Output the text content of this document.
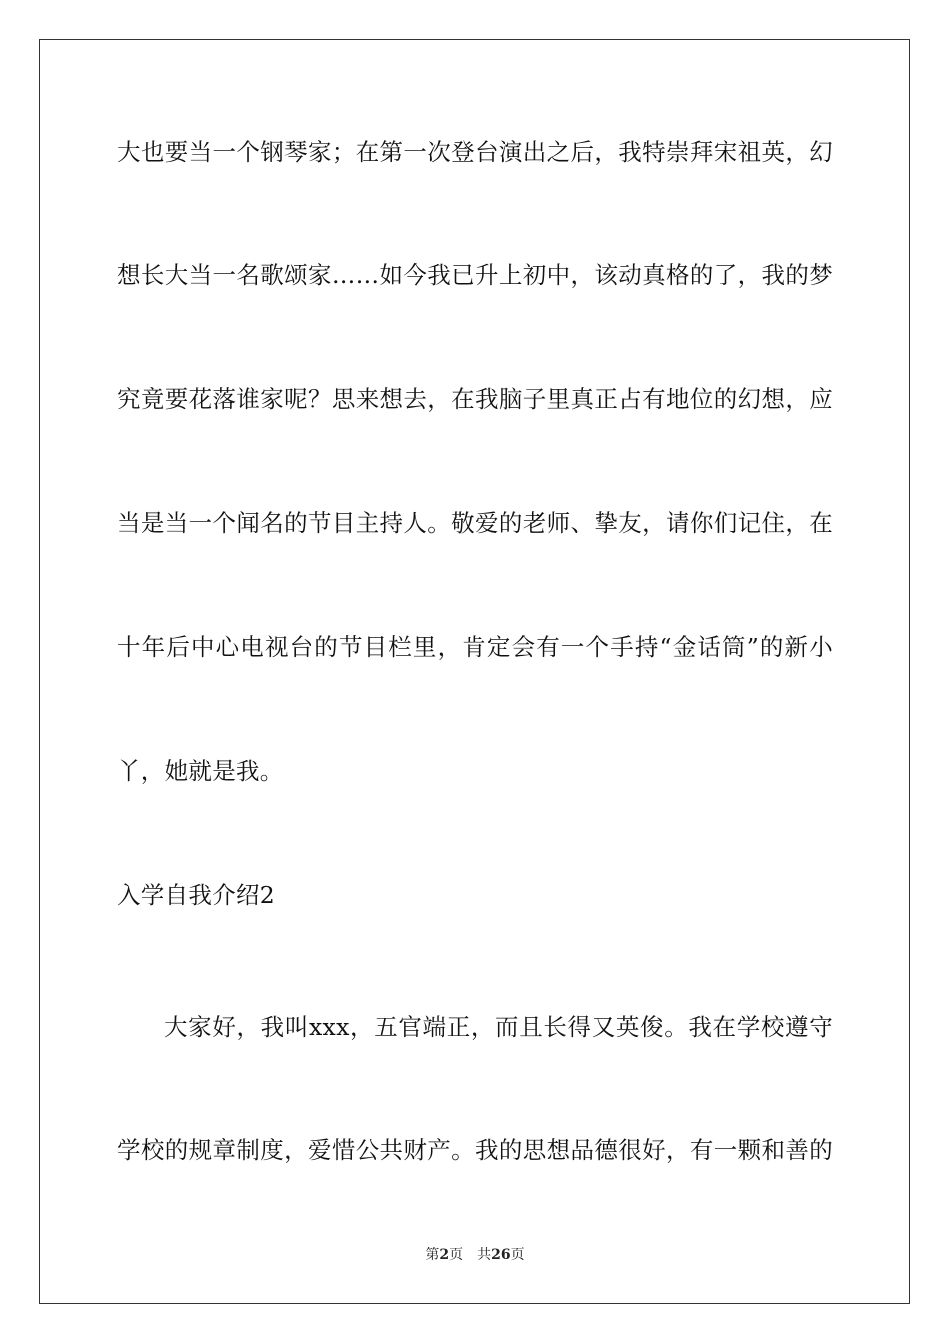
大也要当一个钢琴家；在第一次登台演出之后，我特崇拜宋祖英，幻
想长大当一名歌颂家……如今我已升上初中，该动真格的了，我的梦
究竟要花落谁家呢？思来想去，在我脑子里真正占有地位的幻想，应
当是当一个闻名的节目主持人。敬爱的老师、挚友，请你们记住，在
十年后中心电视台的节目栏里，肯定会有一个手持“金话筒”的新小
丫，她就是我。
入学自我介绍2
大家好，我叫xxx，五官端正，而且长得又英俊。我在学校遵守
学校的规章制度，爱惜公共财产。我的思想品德很好，有一颗和善的
第2页 共26页
